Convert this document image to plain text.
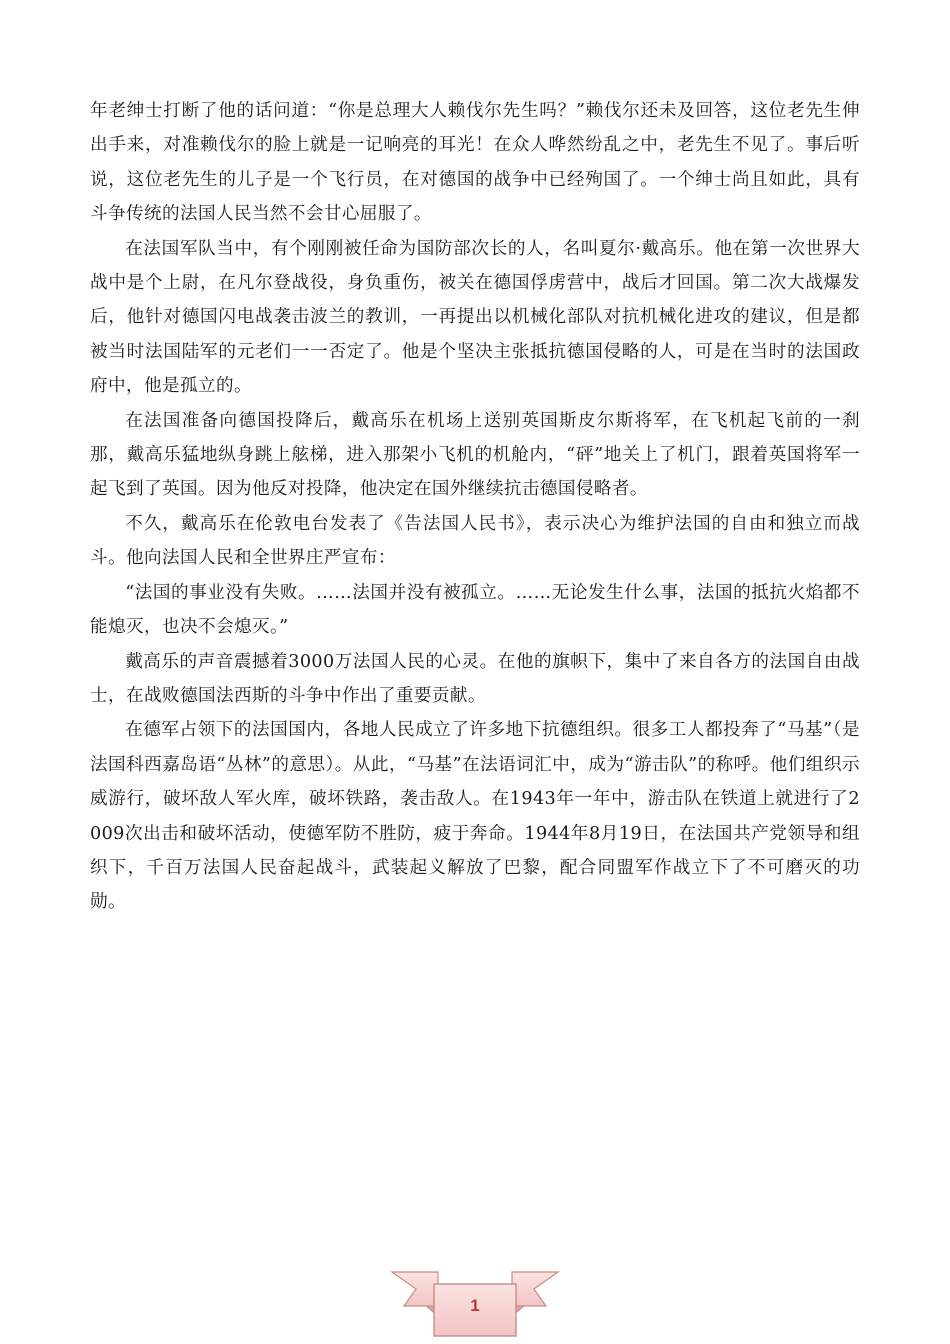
年老绅士打断了他的话问道：“你是总理大人赖伐尔先生吗？”赖伐尔还未及回答，这位老先生伸出手来，对准赖伐尔的脸上就是一记响亮的耳光！在众人哗然纷乱之中，老先生不见了。事后听说，这位老先生的儿子是一个飞行员，在对德国的战争中已经殉国了。一个绅士尚且如此，具有斗争传统的法国人民当然不会甘心屈服了。

在法国军队当中，有个刚刚被任命为国防部次长的人，名叫夏尔·戴高乐。他在第一次世界大战中是个上尉，在凡尔登战役，身负重伤，被关在德国俘虏营中，战后才回国。第二次大战爆发后，他针对德国闪电战袭击波兰的教训，一再提出以机械化部队对抗机械化进攻的建议，但是都被当时法国陆军的元老们一一否定了。他是个坚决主张抵抗德国侵略的人，可是在当时的法国政府中，他是孤立的。

在法国准备向德国投降后，戴高乐在机场上送别英国斯皮尔斯将军，在飞机起飞前的一刹那，戴高乐猛地纵身跳上舷梯，进入那架小飞机的机舱内，“砰”地关上了机门，跟着英国将军一起飞到了英国。因为他反对投降，他决定在国外继续抗击德国侵略者。

不久，戴高乐在伦敦电台发表了《告法国人民书》，表示决心为维护法国的自由和独立而战斗。他向法国人民和全世界庄严宣布：

“法国的事业没有失败。……法国并没有被孤立。……无论发生什么事，法国的抵抗火焰都不能熄灭，也决不会熄灭。”

戴高乐的声音震撼着3000万法国人民的心灵。在他的旗帜下，集中了来自各方的法国自由战士，在战败德国法西斯的斗争中作出了重要贡献。

在德军占领下的法国国内，各地人民成立了许多地下抗德组织。很多工人都投奔了“马基”（是法国科西嘉岛语“丛林”的意思）。从此，“马基”在法语词汇中，成为“游击队”的称呼。他们组织示威游行，破坏敌人军火库，破坏铁路，袭击敌人。在1943年一年中，游击队在铁道上就进行了2009次出击和破坏活动，使德军防不胜防，疲于奔命。1944年8月19日，在法国共产党领导和组织下，千百万法国人民奋起战斗，武装起义解放了巴黎，配合同盟军作战立下了不可磨灭的功勋。

1
